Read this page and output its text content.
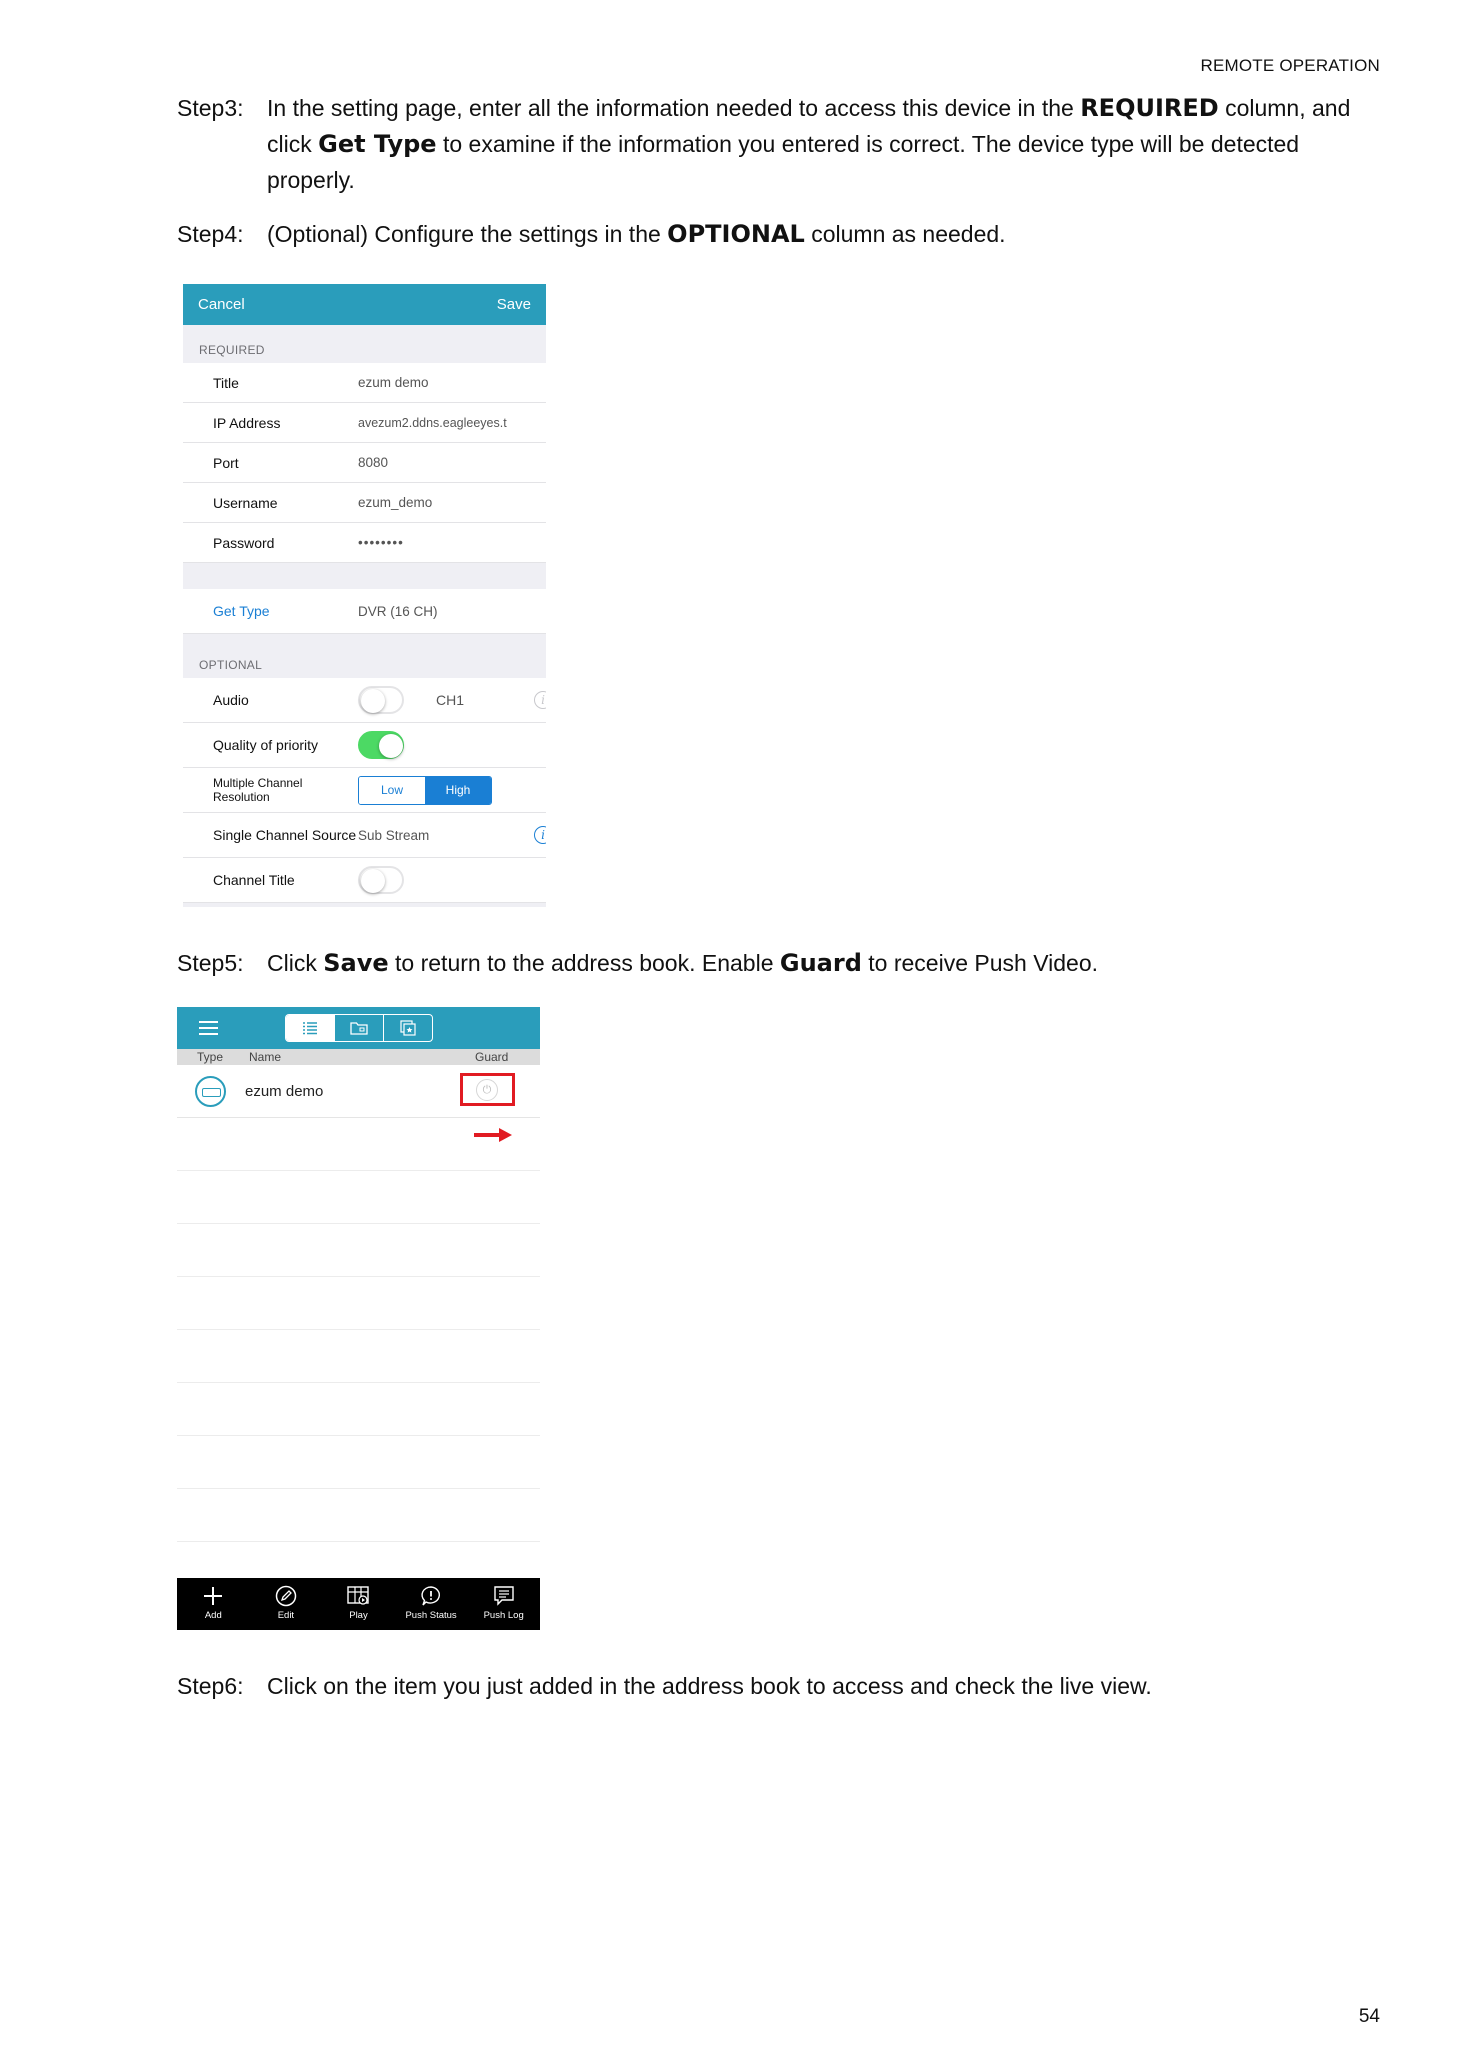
REMOTE OPERATION
Step3:	In the setting page, enter all the information needed to access this device in the REQUIRED column, and click Get Type to examine if the information you entered is correct. The device type will be detected properly.
Step4:	(Optional) Configure the settings in the OPTIONAL column as needed.
Cancel	Save
REQUIRED
Title	ezum demo
IP Address	avezum2.ddns.eagleeyes.t
Port	8080
Username	ezum_demo
Password	••••••••
Get Type	DVR (16 CH)
OPTIONAL
Audio	CH1	i
Quality of priority
Multiple Channel Resolution	Low	High
Single Channel Source Sub Stream	i
Channel Title
Step5:	Click Save to return to the address book. Enable Guard to receive Push Video.
Type Name	Guard
ezum demo	⏻
Add	Edit	Play	Push Status	Push Log
Step6:	Click on the item you just added in the address book to access and check the live view.
54
